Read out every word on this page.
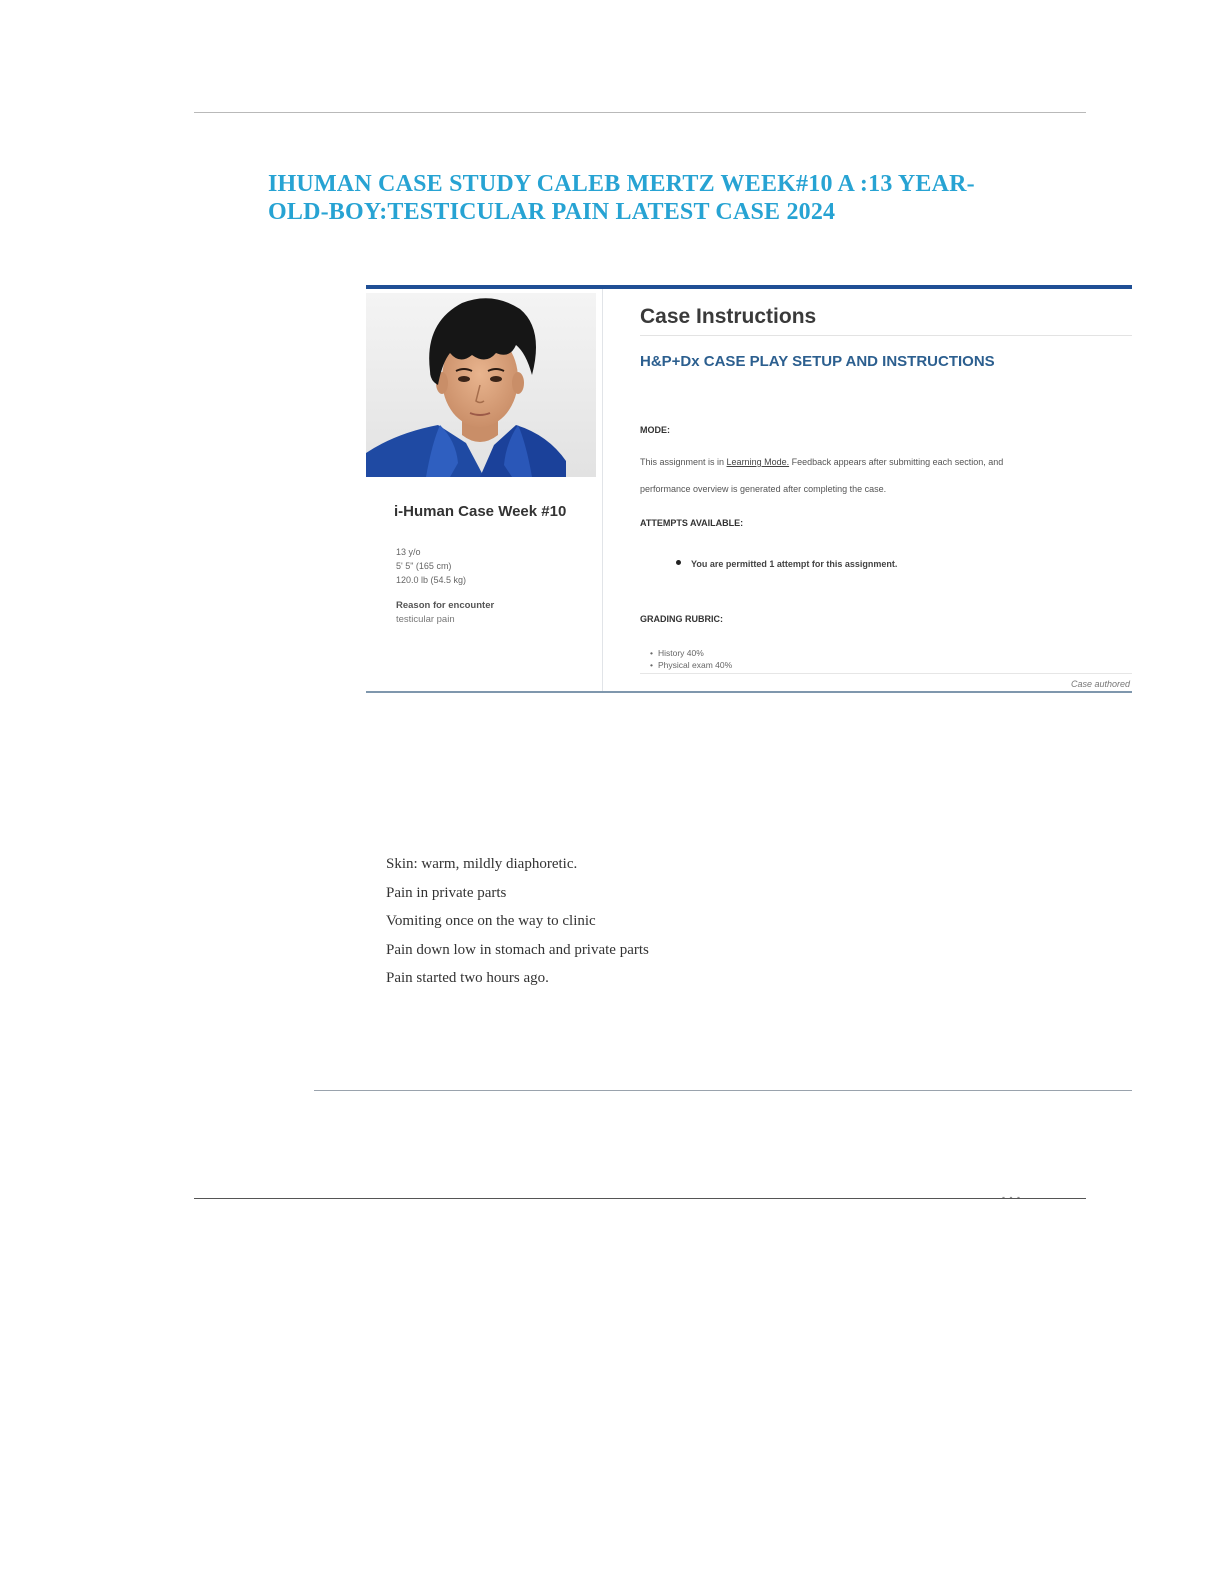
IHUMAN CASE STUDY CALEB MERTZ WEEK#10 A :13 YEAR-OLD-BOY:TESTICULAR PAIN LATEST CASE 2024
i-Human Case Week #10
13 y/o
5' 5" (165 cm)
120.0 lb (54.5 kg)
Reason for encounter
testicular pain
Case Instructions
H&P+Dx CASE PLAY SETUP AND INSTRUCTIONS
MODE:
This assignment is in Learning Mode. Feedback appears after submitting each section, and
performance overview is generated after completing the case.
ATTEMPTS AVAILABLE:
You are permitted 1 attempt for this assignment.
GRADING RUBRIC:
• History 40%
• Physical exam 40%
Case authored
Skin: warm, mildly diaphoretic.
Pain in private parts
Vomiting once on the way to clinic
Pain down low in stomach and private parts
Pain started two hours ago.
- - -
